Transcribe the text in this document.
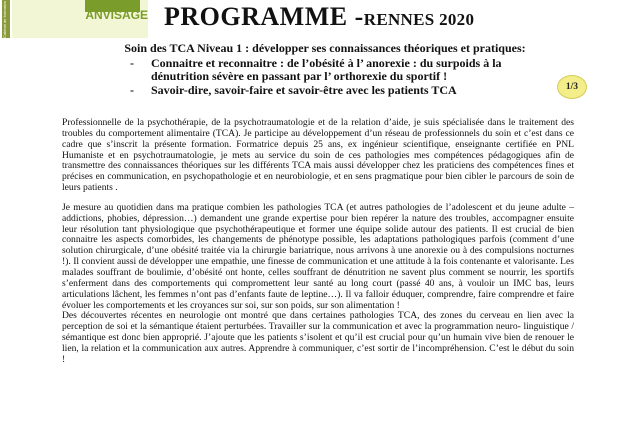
Cabinet de formation	ANVISAGE PROGRAMME -RENNES 2020
Soin des TCA Niveau 1 : développer ses connaissances théoriques et pratiques:
- Connaitre et reconnaitre : de l’obésité à l’ anorexie : du surpoids à la dénutrition sévère en passant par l’ orthorexie du sportif !
- Savoir-dire, savoir-faire et savoir-être avec les patients TCA	1/3

Professionnelle de la psychothérapie, de la psychotraumatologie et de la relation d’aide, je suis spécialisée dans le traitement des troubles du comportement alimentaire (TCA). Je participe au développement d’un réseau de professionnels du soin et c’est dans ce cadre que s’inscrit la présente formation. Formatrice depuis 25 ans, ex ingénieur scientifique, enseignante certifiée en PNL Humaniste et en psychotraumatologie, je mets au service du soin de ces pathologies mes compétences pédagogiques afin de transmettre des connaissances théoriques sur les différents TCA mais aussi développer chez les praticiens des compétences fines et précises en communication, en psychopathologie et en neurobiologie, et en sens pragmatique pour bien cibler le parcours de soin de leurs patients .

Je mesure au quotidien dans ma pratique combien les pathologies TCA (et autres pathologies de l’adolescent et du jeune adulte – addictions, phobies, dépression…) demandent une grande expertise pour bien repérer la nature des troubles, accompagner ensuite leur résolution tant physiologique que psychothérapeutique et former une équipe solide autour des patients. Il est crucial de bien connaitre les aspects comorbides, les changements de phénotype possible, les adaptations pathologiques parfois (comment d’une solution chirurgicale, d’une obésité traitée via la chirurgie bariatrique, nous arrivons à une anorexie ou à des compulsions nocturnes !). Il convient aussi de développer une empathie, une finesse de communication et une attitude à la fois contenante et valorisante. Les malades souffrant de boulimie, d’obésité ont honte, celles souffrant de dénutrition ne savent plus comment se nourrir, les sportifs s’enferment dans des comportements qui compromettent leur santé au long court (passé 40 ans, à vouloir un IMC bas, leurs articulations lâchent, les femmes n’ont pas d’enfants faute de leptine…). Il va falloir éduquer, comprendre, faire comprendre et faire évoluer les comportements et les croyances sur soi, sur son poids, sur son alimentation !

Des découvertes récentes en neurologie ont montré que dans certaines pathologies TCA, des zones du cerveau en lien avec la perception de soi et la sémantique étaient perturbées. Travailler sur la communication et avec la programmation neuro- linguistique / sémantique est donc bien approprié. J’ajoute que les patients s’isolent et qu’il est crucial pour qu’un humain vive bien de renouer le lien, la relation et la communication aux autres. Apprendre à communiquer, c’est sortir de l’incompréhension. C’est le début du soin !
